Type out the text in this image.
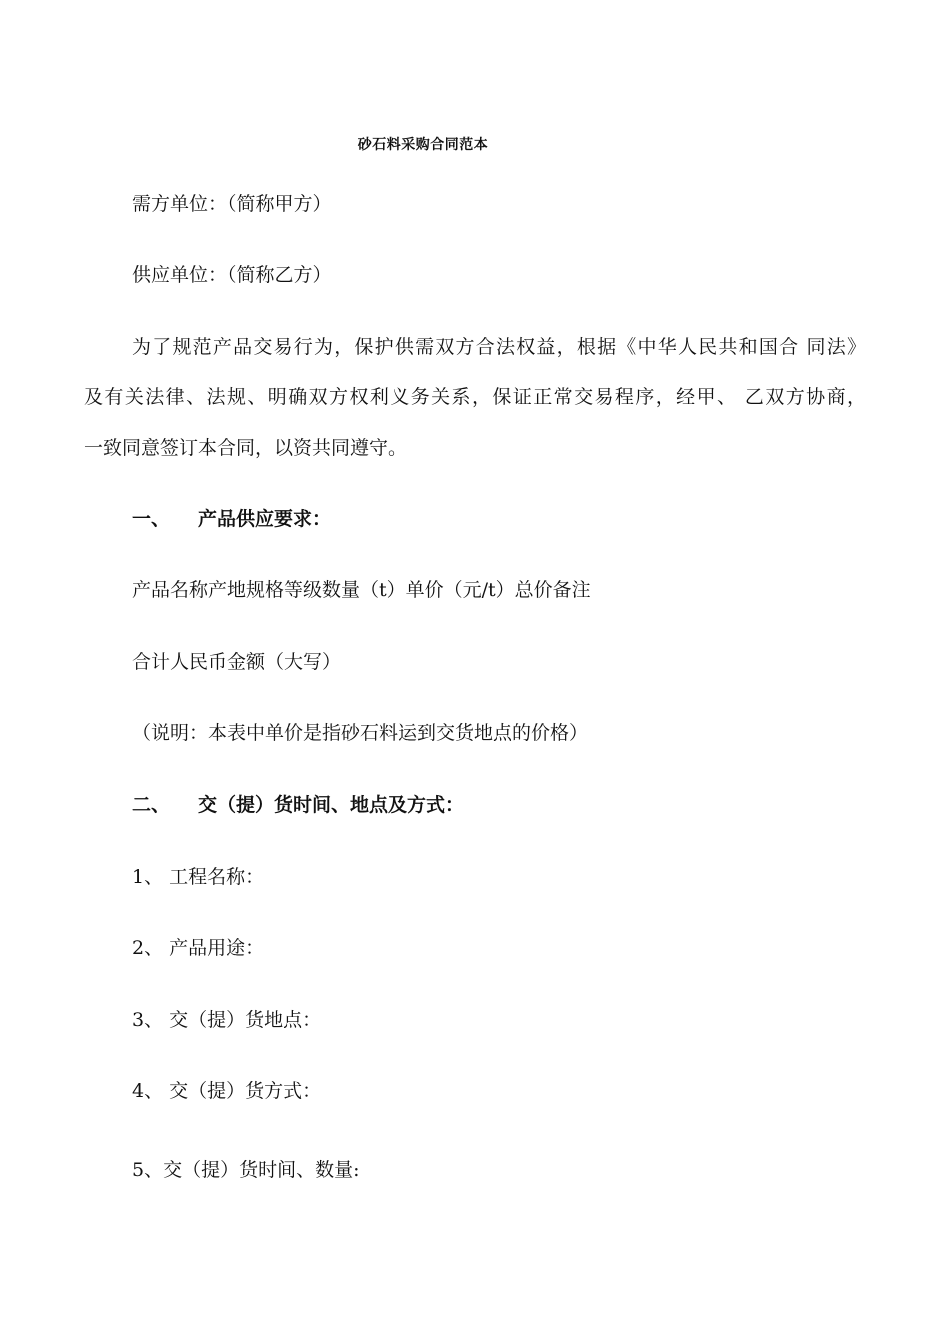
砂石料采购合同范本
需方单位：（简称甲方）
供应单位：（简称乙方）
为了规范产品交易行为，保护供需双方合法权益，根据《中华人民共和国合 同法》
及有关法律、法规、明确双方权利义务关系，保证正常交易程序，经甲、 乙双方协商，
一致同意签订本合同，以资共同遵守。
一、 产品供应要求：
产品名称产地规格等级数量（t）单价（元/t）总价备注
合计人民币金额（大写）
（说明：本表中单价是指砂石料运到交货地点的价格）
二、 交（提）货时间、地点及方式：
1、 工程名称：
2、 产品用途：
3、 交（提）货地点：
4、 交（提）货方式：
5、交（提）货时间、数量:
